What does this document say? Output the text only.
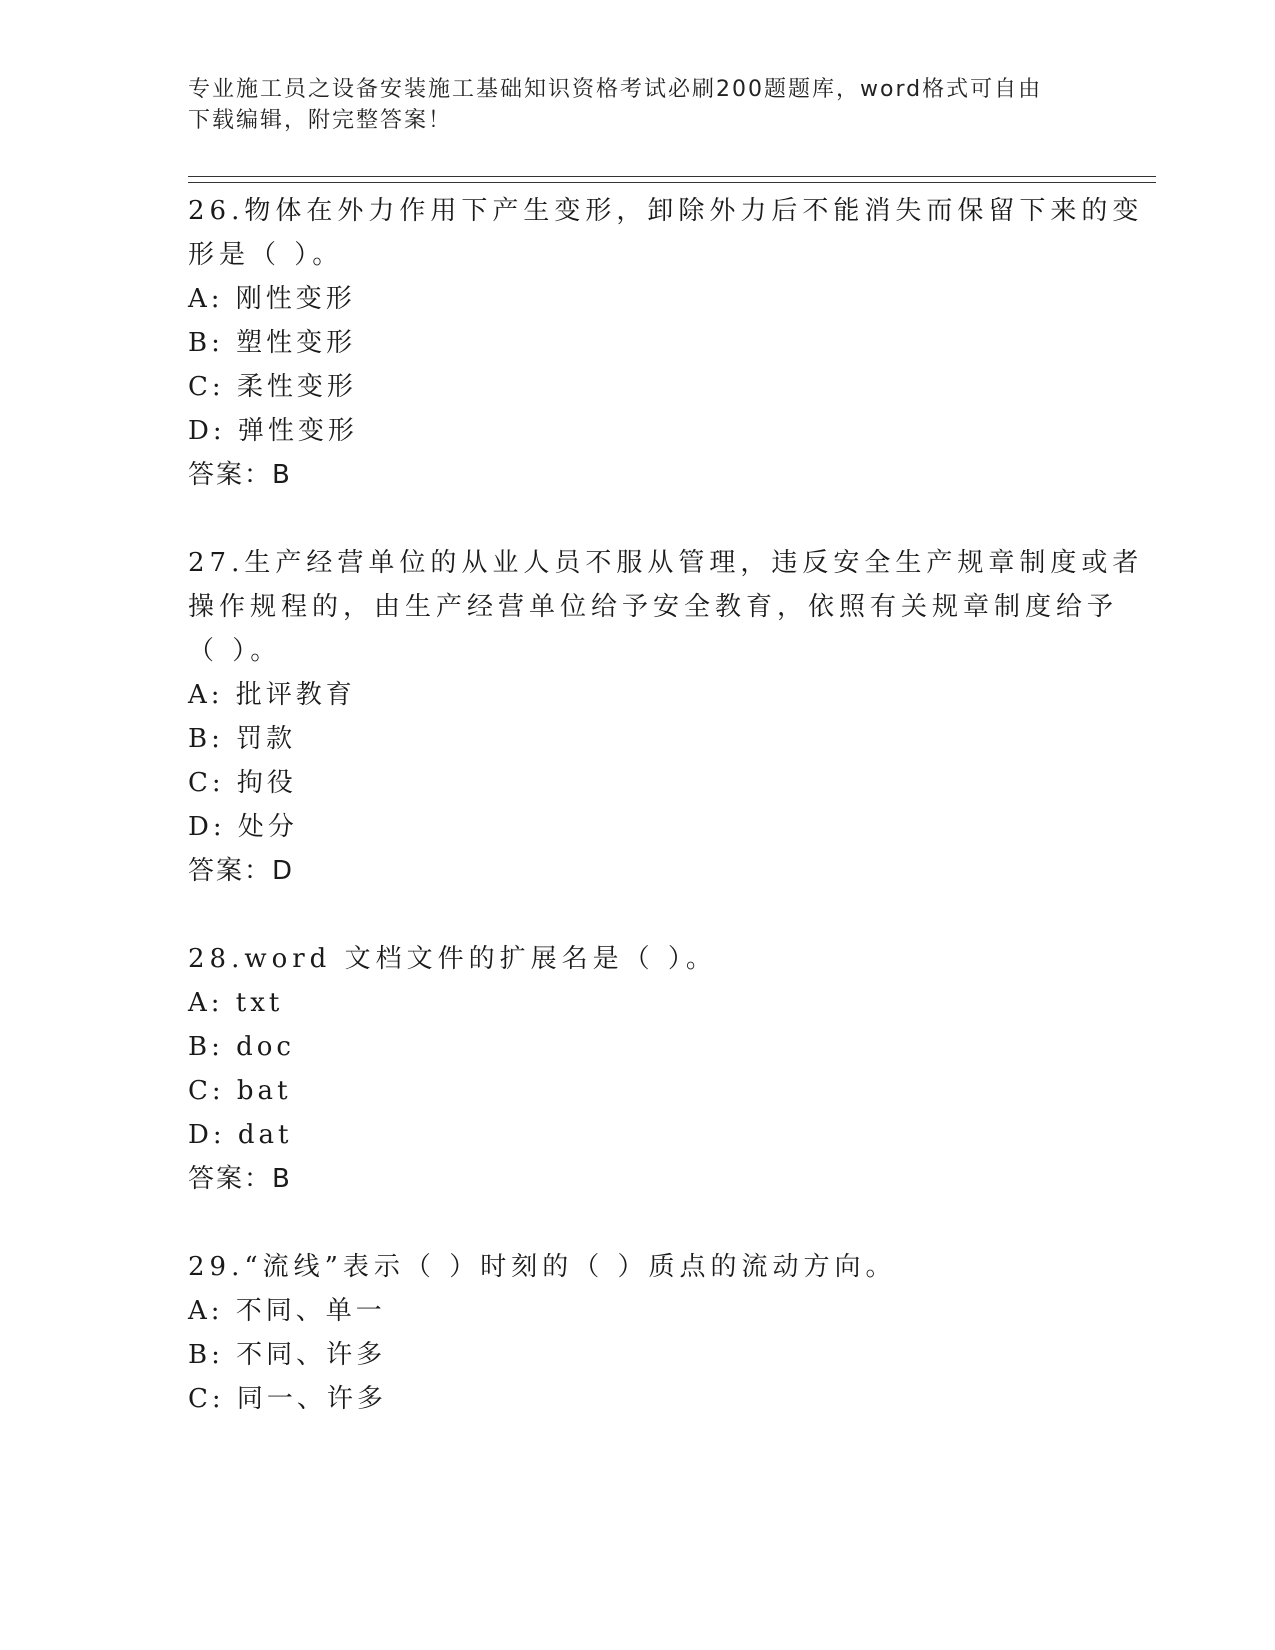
专业施工员之设备安装施工基础知识资格考试必刷200题题库，word格式可自由
下载编辑，附完整答案！
26.物体在外力作用下产生变形，卸除外力后不能消失而保留下来的变
形是（ ）。
A: 刚性变形
B: 塑性变形
C: 柔性变形
D: 弹性变形
答案：B
27.生产经营单位的从业人员不服从管理，违反安全生产规章制度或者
操作规程的，由生产经营单位给予安全教育，依照有关规章制度给予
（ ）。
A: 批评教育
B: 罚款
C: 拘役
D: 处分
答案：D
28.word 文档文件的扩展名是（ ）。
A: txt
B: doc
C: bat
D: dat
答案：B
29.“流线”表示（ ）时刻的（ ）质点的流动方向。
A: 不同、单一
B: 不同、许多
C: 同一、许多
